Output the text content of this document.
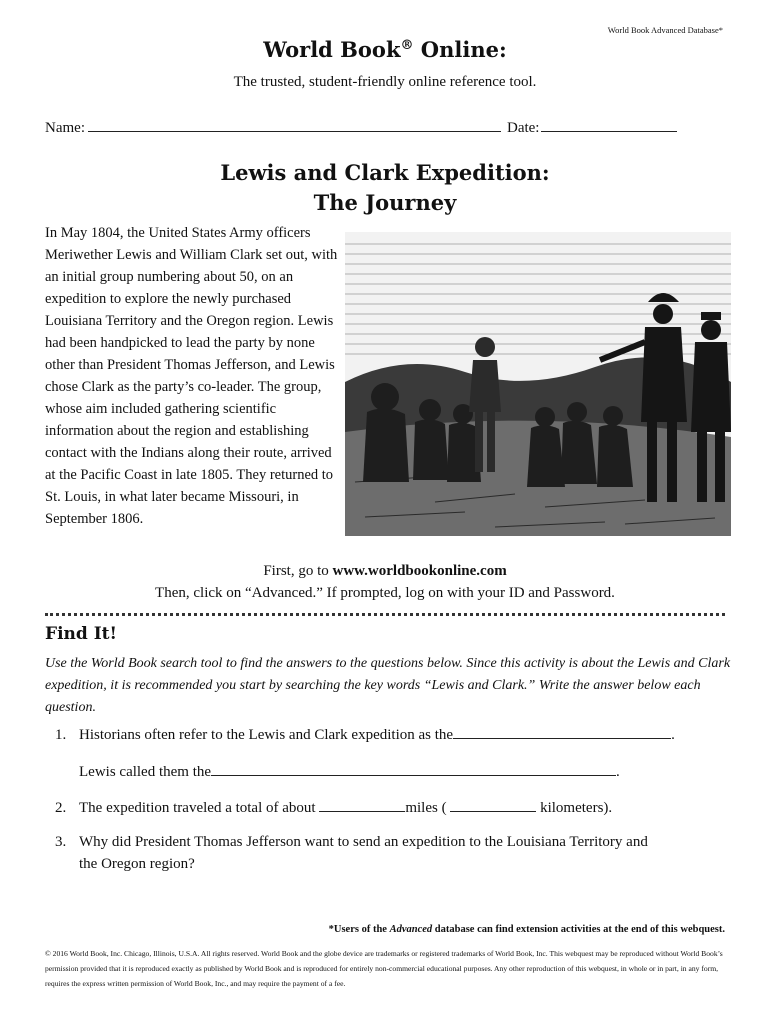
World Book Advanced Database*
World Book® Online:
The trusted, student-friendly online reference tool.
Name:	Date:
Lewis and Clark Expedition:
The Journey
In May 1804, the United States Army officers Meriwether Lewis and William Clark set out, with an initial group numbering about 50, on an expedition to explore the newly purchased Louisiana Territory and the Oregon region. Lewis had been handpicked to lead the party by none other than President Thomas Jefferson, and Lewis chose Clark as the party’s co-leader. The group, whose aim included gathering scientific information about the region and establishing contact with the Indians along their route, arrived at the Pacific Coast in late 1805. They returned to St. Louis, in what later became Missouri, in September 1806.
First, go to www.worldbookonline.com
Then, click on “Advanced.” If prompted, log on with your ID and Password.
Find It!
Use the World Book search tool to find the answers to the questions below. Since this activity is about the Lewis and Clark expedition, it is recommended you start by searching the key words “Lewis and Clark.” Write the answer below each question.
1. Historians often refer to the Lewis and Clark expedition as the	.
Lewis called them the	.
2. The expedition traveled a total of about	miles (	kilometers).
3. Why did President Thomas Jefferson want to send an expedition to the Louisiana Territory and
the Oregon region?
*Users of the Advanced database can find extension activities at the end of this webquest.
© 2016 World Book, Inc. Chicago, Illinois, U.S.A. All rights reserved. World Book and the globe device are trademarks or registered trademarks of World Book, Inc. This webquest may be reproduced without World Book’s permission provided that it is reproduced exactly as published by World Book and is reproduced for entirely non-commercial educational purposes. Any other reproduction of this webquest, in whole or in part, in any form, requires the express written permission of World Book, Inc., and may require the payment of a fee.
